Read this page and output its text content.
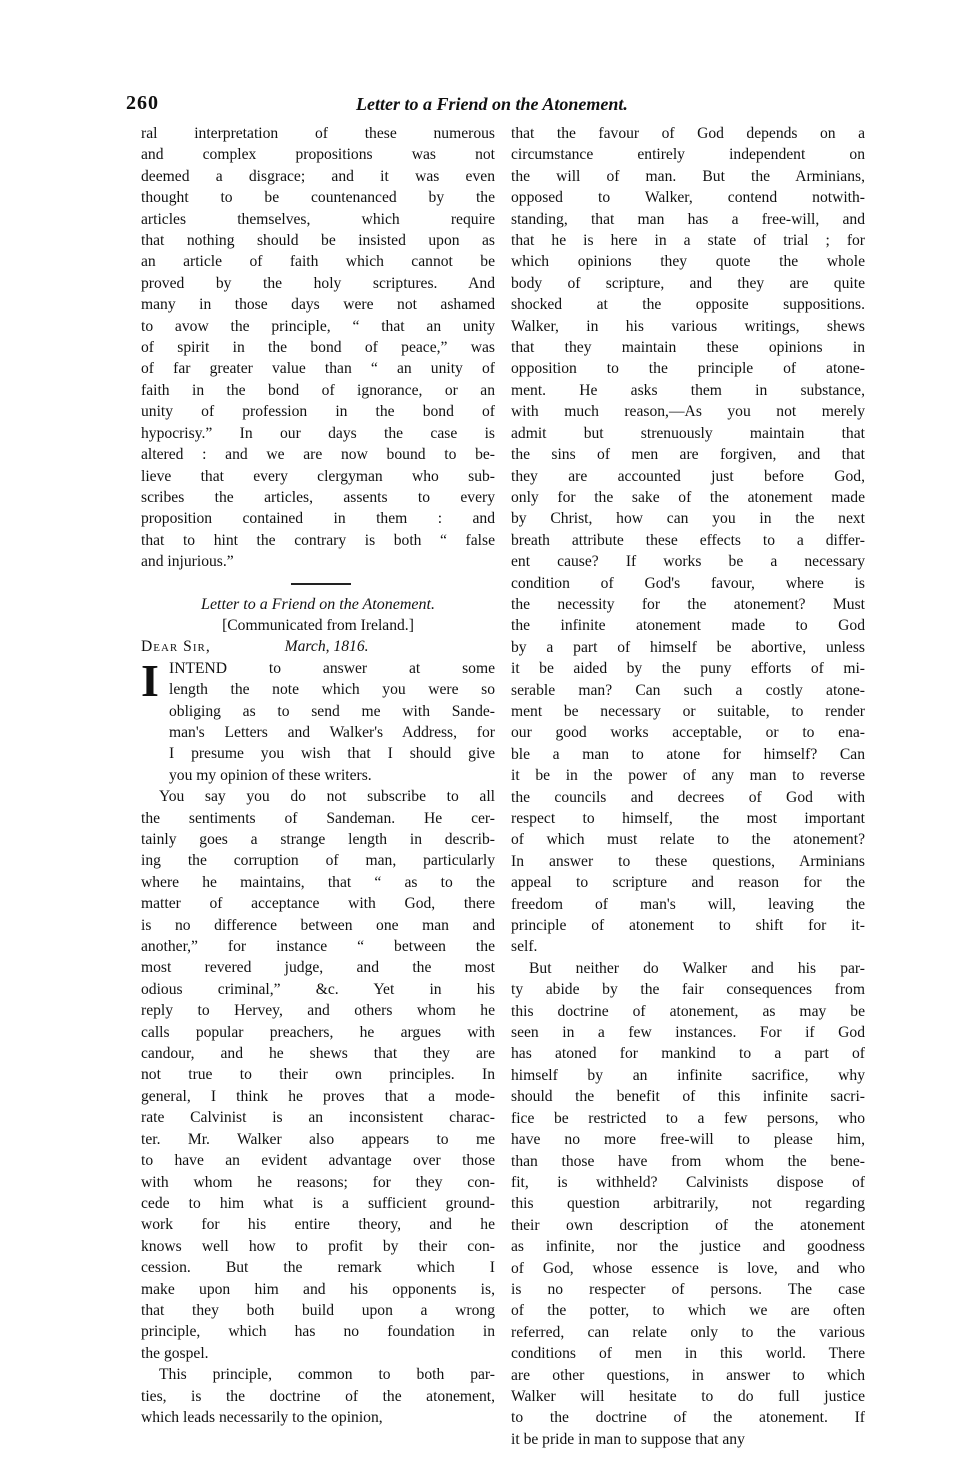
260	Letter to a Friend on the Atonement.
ral interpretation of these numerous
and complex propositions was not
deemed a disgrace; and it was even
thought to be countenanced by the
articles themselves, which require
that nothing should be insisted upon as
an article of faith which cannot be
proved by the holy scriptures. And
many in those days were not ashamed
to avow the principle, “ that an unity
of spirit in the bond of peace,” was
of far greater value than “ an unity of
faith in the bond of ignorance, or an
unity of profession in the bond of
hypocrisy.” In our days the case is
altered : and we are now bound to be-
lieve that every clergyman who sub-
scribes the articles, assents to every
proposition contained in them : and
that to hint the contrary is both “ false
and injurious.”
Letter to a Friend on the Atonement.
[Communicated from Ireland.]
Dear Sir,	March, 1816.
I INTEND to answer at some
length the note which you were so
obliging as to send me with Sande-
man's Letters and Walker's Address, for
I presume you wish that I should give
you my opinion of these writers.
You say you do not subscribe to all
the sentiments of Sandeman. He cer-
tainly goes a strange length in describ-
ing the corruption of man, particularly
where he maintains, that “ as to the
matter of acceptance with God, there
is no difference between one man and
another,” for instance “ between the
most revered judge, and the most
odious criminal,” &c. Yet in his
reply to Hervey, and others whom he
calls popular preachers, he argues with
candour, and he shews that they are
not true to their own principles. In
general, I think he proves that a mode-
rate Calvinist is an inconsistent charac-
ter. Mr. Walker also appears to me
to have an evident advantage over those
with whom he reasons; for they con-
cede to him what is a sufficient ground-
work for his entire theory, and he
knows well how to profit by their con-
cession. But the remark which I
make upon him and his opponents is,
that they both build upon a wrong
principle, which has no foundation in
the gospel.
This principle, common to both par-
ties, is the doctrine of the atonement,
which leads necessarily to the opinion,
that the favour of God depends on a
circumstance entirely independent on
the will of man. But the Arminians,
opposed to Walker, contend notwith-
standing, that man has a free-will, and
that he is here in a state of trial ; for
which opinions they quote the whole
body of scripture, and they are quite
shocked at the opposite suppositions.
Walker, in his various writings, shews
that they maintain these opinions in
opposition to the principle of atone-
ment. He asks them in substance,
with much reason,—As you not merely
admit but strenuously maintain that
the sins of men are forgiven, and that
they are accounted just before God,
only for the sake of the atonement made
by Christ, how can you in the next
breath attribute these effects to a differ-
ent cause? If works be a necessary
condition of God's favour, where is
the necessity for the atonement? Must
the infinite atonement made to God
by a part of himself be abortive, unless
it be aided by the puny efforts of mi-
serable man? Can such a costly atone-
ment be necessary or suitable, to render
our good works acceptable, or to ena-
ble a man to atone for himself? Can
it be in the power of any man to reverse
the councils and decrees of God with
respect to himself, the most important
of which must relate to the atonement?
In answer to these questions, Arminians
appeal to scripture and reason for the
freedom of man's will, leaving the
principle of atonement to shift for it-
self.
But neither do Walker and his par-
ty abide by the fair consequences from
this doctrine of atonement, as may be
seen in a few instances. For if God
has atoned for mankind to a part of
himself by an infinite sacrifice, why
should the benefit of this infinite sacri-
fice be restricted to a few persons, who
have no more free-will to please him,
than those have from whom the bene-
fit, is withheld? Calvinists dispose of
this question arbitrarily, not regarding
their own description of the atonement
as infinite, nor the justice and goodness
of God, whose essence is love, and who
is no respecter of persons. The case
of the potter, to which we are often
referred, can relate only to the various
conditions of men in this world. There
are other questions, in answer to which
Walker will hesitate to do full justice
to the doctrine of the atonement. If
it be pride in man to suppose that any
